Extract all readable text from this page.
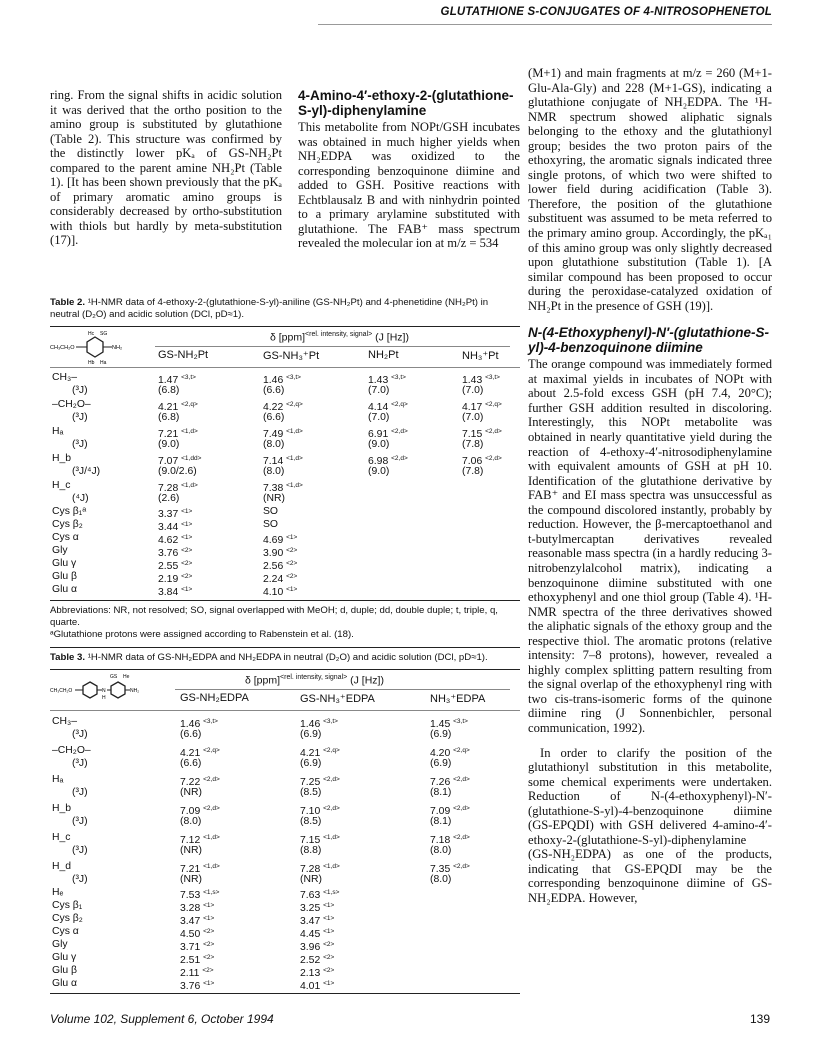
GLUTATHIONE S-CONJUGATES OF 4-NITROSOPHENETOL

ring. From the signal shifts in acidic solution it was derived that the ortho position to the amino group is substituted by glutathione (Table 2). This structure was confirmed by the distinctly lower pKₐ of GS-NH₂Pt compared to the parent amine NH₂Pt (Table 1). [It has been shown previously that the pKₐ of primary aromatic amino groups is considerably decreased by ortho-substitution with thiols but hardly by meta-substitution (17)].

4-Amino-4′-ethoxy-2-(glutathione-S-yl)-diphenylamine

This metabolite from NOPt/GSH incubates was obtained in much higher yields when NH₂EDPA was oxidized to the corresponding benzoquinone diimine and added to GSH. Positive reactions with Echtblausalz B and with ninhydrin pointed to a primary arylamine substituted with glutathione. The FAB⁺ mass spectrum revealed the molecular ion at m/z = 534

(M+1) and main fragments at m/z = 260 (M+1-Glu-Ala-Gly) and 228 (M+1-GS), indicating a glutathione conjugate of NH₂EDPA. The ¹H-NMR spectrum showed aliphatic signals belonging to the ethoxy and the glutathionyl group; besides the two proton pairs of the ethoxyring, the aromatic signals indicated three single protons, of which two were shifted to lower field during acidification (Table 3). Therefore, the position of the glutathione substituent was assumed to be meta referred to the primary amino group. Accordingly, the pKₐ₁ of this amino group was only slightly decreased upon glutathione substitution (Table 1). [A similar compound has been proposed to occur during the peroxidase-catalyzed oxidation of NH₂Pt in the presence of GSH (19)].

N-(4-Ethoxyphenyl)-N′-(glutathione-S-yl)-4-benzoquinone diimine

The orange compound was immediately formed at maximal yields in incubates of NOPt with about 2.5-fold excess GSH (pH 7.4, 20°C); further GSH addition resulted in discoloring. Interestingly, this NOPt metabolite was obtained in nearly quantitative yield during the reaction of 4-ethoxy-4′-nitrosodiphenylamine with equivalent amounts of GSH at pH 10. Identification of the glutathione derivative by FAB⁺ and EI mass spectra was unsuccessful as the compound discolored instantly, probably by reduction. However, the β-mercaptoethanol and t-butylmercaptan derivatives revealed reasonable mass spectra (in a hardly reducing 3-nitrobenzylalcohol matrix), indicating a benzoquinone diimine substituted with one ethoxyphenyl and one thiol group (Table 4). ¹H-NMR spectra of the three derivatives showed the aliphatic signals of the ethoxy group and the respective thiol. The aromatic protons (relative intensity: 7–8 protons), however, revealed a highly complex splitting pattern resulting from the signal overlap of the ethoxyphenyl ring with two cis-trans-isomeric forms of the quinone diimine ring (J Sonnenbichler, personal communication, 1992).

In order to clarify the position of the glutathionyl substitution in this metabolite, some chemical experiments were undertaken. Reduction of N-(4-ethoxyphenyl)-N′-(glutathione-S-yl)-4-benzoquinone diimine (GS-EPQDI) with GSH delivered 4-amino-4′-ethoxy-2-(glutathione-S-yl)-diphenylamine (GS-NH₂EDPA) as one of the products, indicating that GS-EPQDI may be the corresponding benzoquinone diimine of GS-NH₂EDPA. However,

Table 2. ¹H-NMR data of 4-ethoxy-2-(glutathione-S-yl)-aniline (GS-NH₂Pt) and 4-phenetidine (NH₂Pt) in neutral (D₂O) and acidic solution (DCl, pD≈1).
CH₃CH₂O	NH₂
Hc SG
Hb Ha
δ [ppm]$^{<rel. intensity, signal>}$ (J [Hz])
GS-NH₂Pt	GS-NH₃⁺Pt	NH₂Pt	NH₃⁺Pt
CH₃–	1.47 $^{<3,t>}$	1.46 $^{<3,t>}$	1.43 $^{<3,t>}$	1.43 $^{<3,t>}$
(³J)	(6.8)	(6.6)	(7.0)	(7.0)
–CH₂O–	4.21 $^{<2,q>}$	4.22 $^{<2,q>}$	4.14 $^{<2,q>}$	4.17 $^{<2,q>}$
(³J)	(6.8)	(6.6)	(7.0)	(7.0)
Hₐ	7.21 $^{<1,d>}$	7.49 $^{<1,d>}$	6.91 $^{<2,d>}$	7.15 $^{<2,d>}$
(³J)	(9.0)	(8.0)	(9.0)	(7.8)
H_b	7.07 $^{<1,dd>}$	7.14 $^{<1,d>}$	6.98 $^{<2,d>}$	7.06 $^{<2,d>}$
(³J/⁴J)	(9.0/2.6)	(8.0)	(9.0)	(7.8)
H_c	7.28 $^{<1,d>}$	7.38 $^{<1,d>}$
(⁴J)	(2.6)	(NR)
Cys β₁ᵃ	3.37 $^{<1>}$	SO
Cys β₂	3.44 $^{<1>}$	SO
Cys α	4.62 $^{<1>}$	4.69 $^{<1>}$
Gly	3.76 $^{<2>}$	3.90 $^{<2>}$
Glu γ	2.55 $^{<2>}$	2.56 $^{<2>}$
Glu β	2.19 $^{<2>}$	2.24 $^{<2>}$
Glu α	3.84 $^{<1>}$	4.10 $^{<1>}$
Abbreviations: NR, not resolved; SO, signal overlapped with MeOH; d, duple; dd, double duple; t, triple, q, quarte.
ᵃGlutathione protons were assigned according to Rabenstein et al. (18).
Table 3. ¹H-NMR data of GS-NH₂EDPA and NH₂EDPA in neutral (D₂O) and acidic solution (DCl, pD≈1).
CH₃CH₂O	N
H
NH₂
GS He	δ [ppm]$^{<rel. intensity, signal>}$ (J [Hz])
GS-NH₂EDPA	GS-NH₃⁺EDPA	NH₃⁺EDPA
CH₃–	1.46 $^{<3,t>}$	1.46 $^{<3,t>}$	1.45 $^{<3,t>}$
(³J)	(6.6)	(6.9)	(6.9)
–CH₂O–	4.21 $^{<2,q>}$	4.21 $^{<2,q>}$	4.20 $^{<2,q>}$
(³J)	(6.6)	(6.9)	(6.9)
Hₐ	7.22 $^{<2,d>}$	7.25 $^{<2,d>}$	7.26 $^{<2,d>}$
(³J)	(NR)	(8.5)	(8.1)
H_b	7.09 $^{<2,d>}$	7.10 $^{<2,d>}$	7.09 $^{<2,d>}$
(³J)	(8.0)	(8.5)	(8.1)
H_c	7.12 $^{<1,d>}$	7.15 $^{<1,d>}$	7.18 $^{<2,d>}$
(³J)	(NR)	(8.8)	(8.0)
H_d	7.21 $^{<1,d>}$	7.28 $^{<1,d>}$	7.35 $^{<2,d>}$
(³J)	(NR)	(NR)	(8.0)
Hₑ	7.53 $^{<1,s>}$	7.63 $^{<1,s>}$
Cys β₁	3.28 $^{<1>}$	3.25 $^{<1>}$
Cys β₂	3.47 $^{<1>}$	3.47 $^{<1>}$
Cys α	4.50 $^{<2>}$	4.45 $^{<1>}$
Gly	3.71 $^{<2>}$	3.96 $^{<2>}$
Glu γ	2.51 $^{<2>}$	2.52 $^{<2>}$
Glu β	2.11 $^{<2>}$	2.13 $^{<2>}$
Glu α	3.76 $^{<1>}$	4.01 $^{<1>}$
Volume 102, Supplement 6, October 1994	139
